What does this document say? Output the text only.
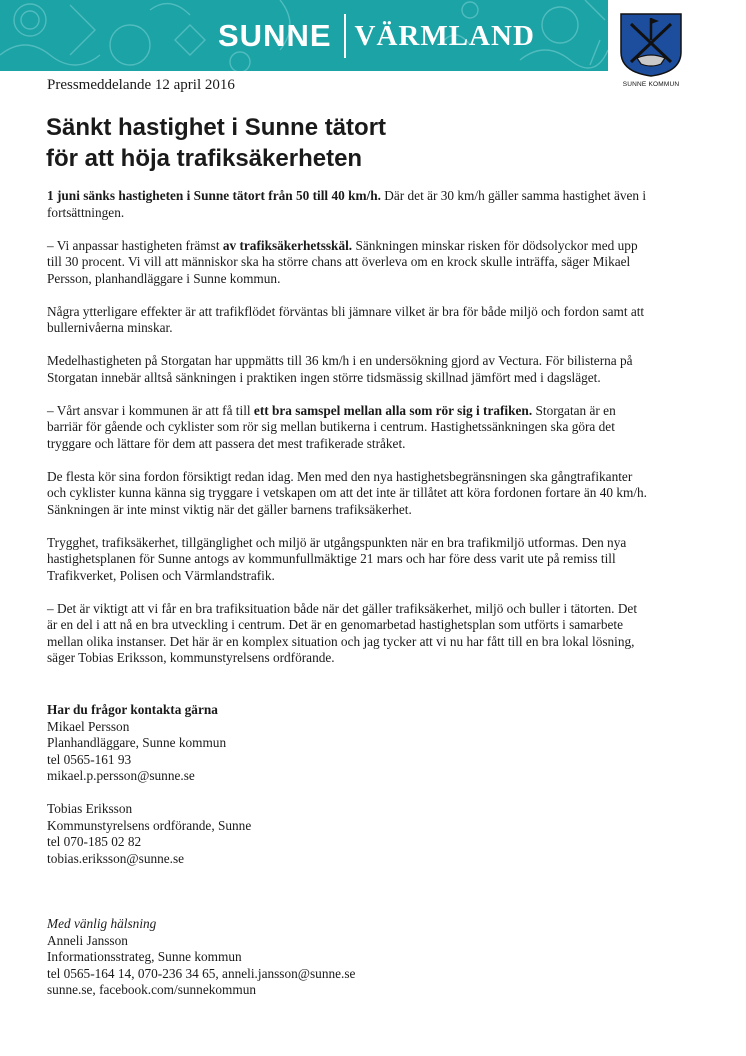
SUNNE VÄRMLAND
SUNNE KOMMUN
Pressmeddelande 12 april 2016
Sänkt hastighet i Sunne tätort
för att höja trafiksäkerheten

1 juni sänks hastigheten i Sunne tätort från 50 till 40 km/h. Där det är 30 km/h gäller samma hastighet även i fortsättningen.

– Vi anpassar hastigheten främst av trafiksäkerhetsskäl. Sänkningen minskar risken för dödsolyckor med upp till 30 procent. Vi vill att människor ska ha större chans att överleva om en krock skulle inträffa, säger Mikael Persson, planhandläggare i Sunne kommun.

Några ytterligare effekter är att trafikflödet förväntas bli jämnare vilket är bra för både miljö och fordon samt att bullernivåerna minskar.

Medelhastigheten på Storgatan har uppmätts till 36 km/h i en undersökning gjord av Vectura. För bilisterna på Storgatan innebär alltså sänkningen i praktiken ingen större tidsmässig skillnad jämfört med i dagsläget.

– Vårt ansvar i kommunen är att få till ett bra samspel mellan alla som rör sig i trafiken. Storgatan är en barriär för gående och cyklister som rör sig mellan butikerna i centrum. Hastighetssänkningen ska göra det tryggare och lättare för dem att passera det mest trafikerade stråket.

De flesta kör sina fordon försiktigt redan idag. Men med den nya hastighetsbegränsningen ska gångtrafikanter och cyklister kunna känna sig tryggare i vetskapen om att det inte är tillåtet att köra fordonen fortare än 40 km/h. Sänkningen är inte minst viktig när det gäller barnens trafiksäkerhet.

Trygghet, trafiksäkerhet, tillgänglighet och miljö är utgångspunkten när en bra trafikmiljö utformas. Den nya hastighetsplanen för Sunne antogs av kommunfullmäktige 21 mars och har före dess varit ute på remiss till Trafikverket, Polisen och Värmlandstrafik.

– Det är viktigt att vi får en bra trafiksituation både när det gäller trafiksäkerhet, miljö och buller i tätorten. Det är en del i att nå en bra utveckling i centrum. Det är en genomarbetad hastighetsplan som utförts i samarbete mellan olika instanser. Det här är en komplex situation och jag tycker att vi nu har fått till en bra lokal lösning, säger Tobias Eriksson, kommunstyrelsens ordförande.

Har du frågor kontakta gärna
Mikael Persson
Planhandläggare, Sunne kommun
tel 0565-161 93
mikael.p.persson@sunne.se
Tobias Eriksson
Kommunstyrelsens ordförande, Sunne
tel 070-185 02 82
tobias.eriksson@sunne.se
Med vänlig hälsning
Anneli Jansson
Informationsstrateg, Sunne kommun
tel 0565-164 14, 070-236 34 65, anneli.jansson@sunne.se
sunne.se, facebook.com/sunnekommun
